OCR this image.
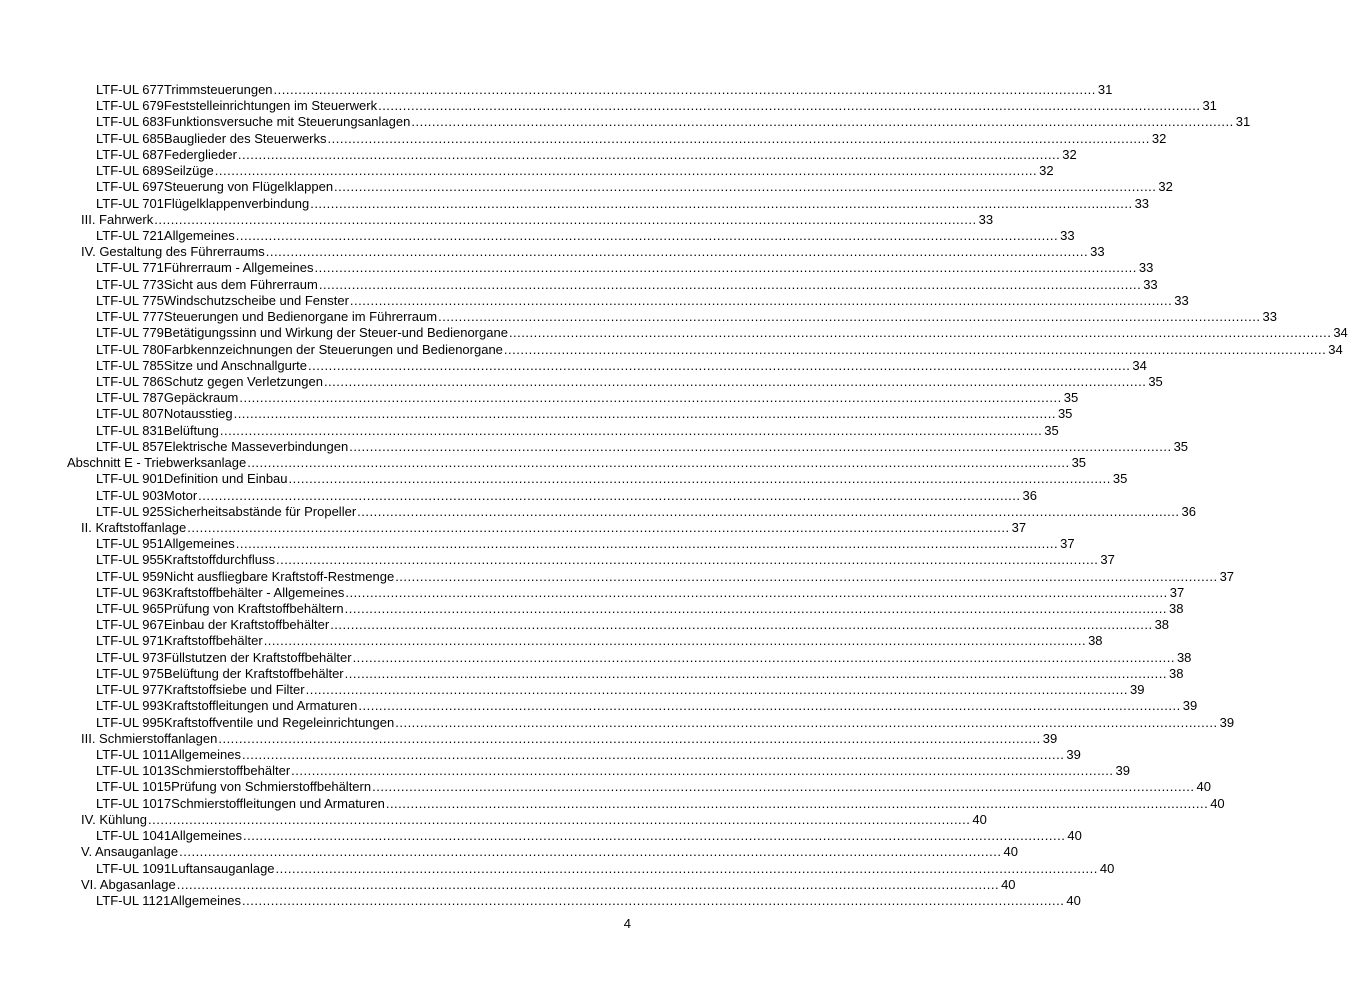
LTF-UL 677 Trimmsteuerungen ........................................................................................................................................................................................................ 31
LTF-UL 679 Feststelleinrichtungen im Steuerwerk ........................................................................................................................................................................................................ 31
LTF-UL 683 Funktionsversuche mit Steuerungsanlagen ........................................................................................................................................................................................................ 31
LTF-UL 685 Bauglieder des Steuerwerks ........................................................................................................................................................................................................ 32
LTF-UL 687 Federglieder ........................................................................................................................................................................................................ 32
LTF-UL 689 Seilzüge ........................................................................................................................................................................................................ 32
LTF-UL 697 Steuerung von Flügelklappen ........................................................................................................................................................................................................ 32
LTF-UL 701 Flügelklappenverbindung ........................................................................................................................................................................................................ 33
III. Fahrwerk ........................................................................................................................................................................................................ 33
LTF-UL 721 Allgemeines ........................................................................................................................................................................................................ 33
IV. Gestaltung des Führerraums ........................................................................................................................................................................................................ 33
LTF-UL 771 Führerraum - Allgemeines ........................................................................................................................................................................................................ 33
LTF-UL 773 Sicht aus dem Führerraum ........................................................................................................................................................................................................ 33
LTF-UL 775 Windschutzscheibe und Fenster ........................................................................................................................................................................................................ 33
LTF-UL 777 Steuerungen und Bedienorgane im Führerraum ........................................................................................................................................................................................................ 33
LTF-UL 779 Betätigungssinn und Wirkung der Steuer-und Bedienorgane ........................................................................................................................................................................................................ 34
LTF-UL 780 Farbkennzeichnungen der Steuerungen und Bedienorgane ........................................................................................................................................................................................................ 34
LTF-UL 785 Sitze und Anschnallgurte ........................................................................................................................................................................................................ 34
LTF-UL 786 Schutz gegen Verletzungen ........................................................................................................................................................................................................ 35
LTF-UL 787 Gepäckraum ........................................................................................................................................................................................................ 35
LTF-UL 807 Notausstieg ........................................................................................................................................................................................................ 35
LTF-UL 831 Belüftung ........................................................................................................................................................................................................ 35
LTF-UL 857 Elektrische Masseverbindungen ........................................................................................................................................................................................................ 35
Abschnitt E - Triebwerksanlage ........................................................................................................................................................................................................ 35
LTF-UL 901 Definition und Einbau ........................................................................................................................................................................................................ 35
LTF-UL 903 Motor ........................................................................................................................................................................................................ 36
LTF-UL 925 Sicherheitsabstände für Propeller ........................................................................................................................................................................................................ 36
II. Kraftstoffanlage ........................................................................................................................................................................................................ 37
LTF-UL 951 Allgemeines ........................................................................................................................................................................................................ 37
LTF-UL 955 Kraftstoffdurchfluss ........................................................................................................................................................................................................ 37
LTF-UL 959 Nicht ausfliegbare Kraftstoff-Restmenge ........................................................................................................................................................................................................ 37
LTF-UL 963 Kraftstoffbehälter - Allgemeines ........................................................................................................................................................................................................ 37
LTF-UL 965 Prüfung von Kraftstoffbehältern ........................................................................................................................................................................................................ 38
LTF-UL 967 Einbau der Kraftstoffbehälter ........................................................................................................................................................................................................ 38
LTF-UL 971 Kraftstoffbehälter ........................................................................................................................................................................................................ 38
LTF-UL 973 Füllstutzen der Kraftstoffbehälter ........................................................................................................................................................................................................ 38
LTF-UL 975 Belüftung der Kraftstoffbehälter ........................................................................................................................................................................................................ 38
LTF-UL 977 Kraftstoffsiebe und Filter ........................................................................................................................................................................................................ 39
LTF-UL 993 Kraftstoffleitungen und Armaturen ........................................................................................................................................................................................................ 39
LTF-UL 995 Kraftstoffventile und Regeleinrichtungen ........................................................................................................................................................................................................ 39
III. Schmierstoffanlagen ........................................................................................................................................................................................................ 39
LTF-UL 1011 Allgemeines ........................................................................................................................................................................................................ 39
LTF-UL 1013 Schmierstoffbehälter ........................................................................................................................................................................................................ 39
LTF-UL 1015 Prüfung von Schmierstoffbehältern ........................................................................................................................................................................................................ 40
LTF-UL 1017 Schmierstoffleitungen und Armaturen ........................................................................................................................................................................................................ 40
IV. Kühlung ........................................................................................................................................................................................................ 40
LTF-UL 1041 Allgemeines ........................................................................................................................................................................................................ 40
V. Ansauganlage ........................................................................................................................................................................................................ 40
LTF-UL 1091 Luftansauganlage ........................................................................................................................................................................................................ 40
VI. Abgasanlage ........................................................................................................................................................................................................ 40
LTF-UL 1121 Allgemeines ........................................................................................................................................................................................................ 40
4
